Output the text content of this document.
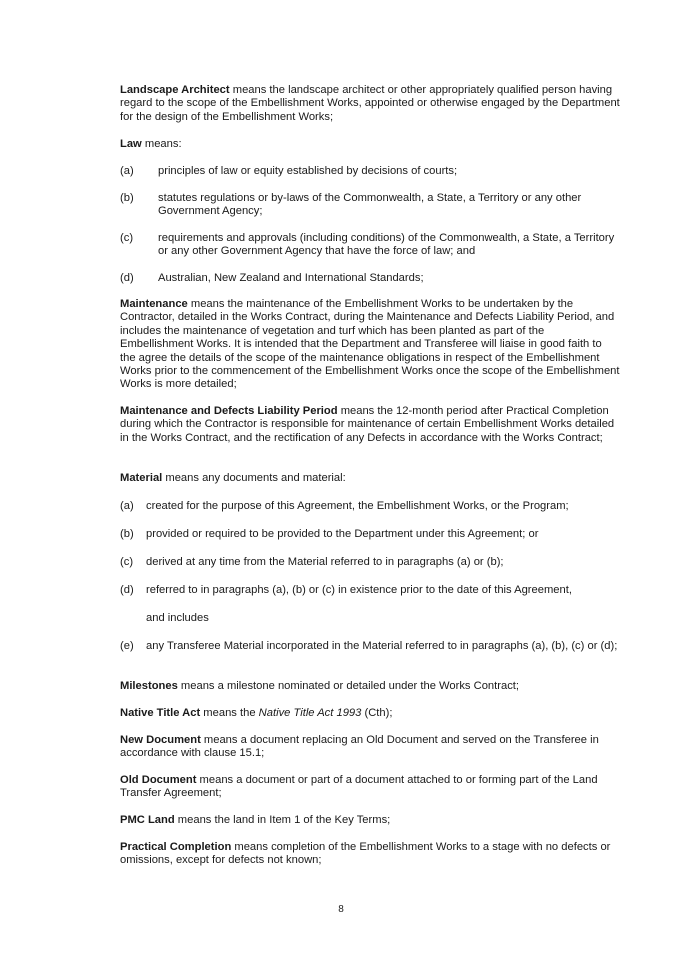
Landscape Architect means the landscape architect or other appropriately qualified person having regard to the scope of the Embellishment Works, appointed or otherwise engaged by the Department for the design of the Embellishment Works;

Law means:

(a) principles of law or equity established by decisions of courts;
(b) statutes regulations or by-laws of the Commonwealth, a State, a Territory or any other Government Agency;
(c) requirements and approvals (including conditions) of the Commonwealth, a State, a Territory or any other Government Agency that have the force of law; and
(d) Australian, New Zealand and International Standards;

Maintenance means the maintenance of the Embellishment Works to be undertaken by the Contractor, detailed in the Works Contract, during the Maintenance and Defects Liability Period, and includes the maintenance of vegetation and turf which has been planted as part of the Embellishment Works. It is intended that the Department and Transferee will liaise in good faith to the agree the details of the scope of the maintenance obligations in respect of the Embellishment Works prior to the commencement of the Embellishment Works once the scope of the Embellishment Works is more detailed;

Maintenance and Defects Liability Period means the 12-month period after Practical Completion during which the Contractor is responsible for maintenance of certain Embellishment Works detailed in the Works Contract, and the rectification of any Defects in accordance with the Works Contract;

Material means any documents and material:

(a) created for the purpose of this Agreement, the Embellishment Works, or the Program;
(b) provided or required to be provided to the Department under this Agreement; or
(c) derived at any time from the Material referred to in paragraphs (a) or (b);
(d) referred to in paragraphs (a), (b) or (c) in existence prior to the date of this Agreement,
and includes
(e) any Transferee Material incorporated in the Material referred to in paragraphs (a), (b), (c) or (d);

Milestones means a milestone nominated or detailed under the Works Contract;

Native Title Act means the Native Title Act 1993 (Cth);

New Document means a document replacing an Old Document and served on the Transferee in accordance with clause 15.1;

Old Document means a document or part of a document attached to or forming part of the Land Transfer Agreement;

PMC Land means the land in Item 1 of the Key Terms;

Practical Completion means completion of the Embellishment Works to a stage with no defects or omissions, except for defects not known;

8
